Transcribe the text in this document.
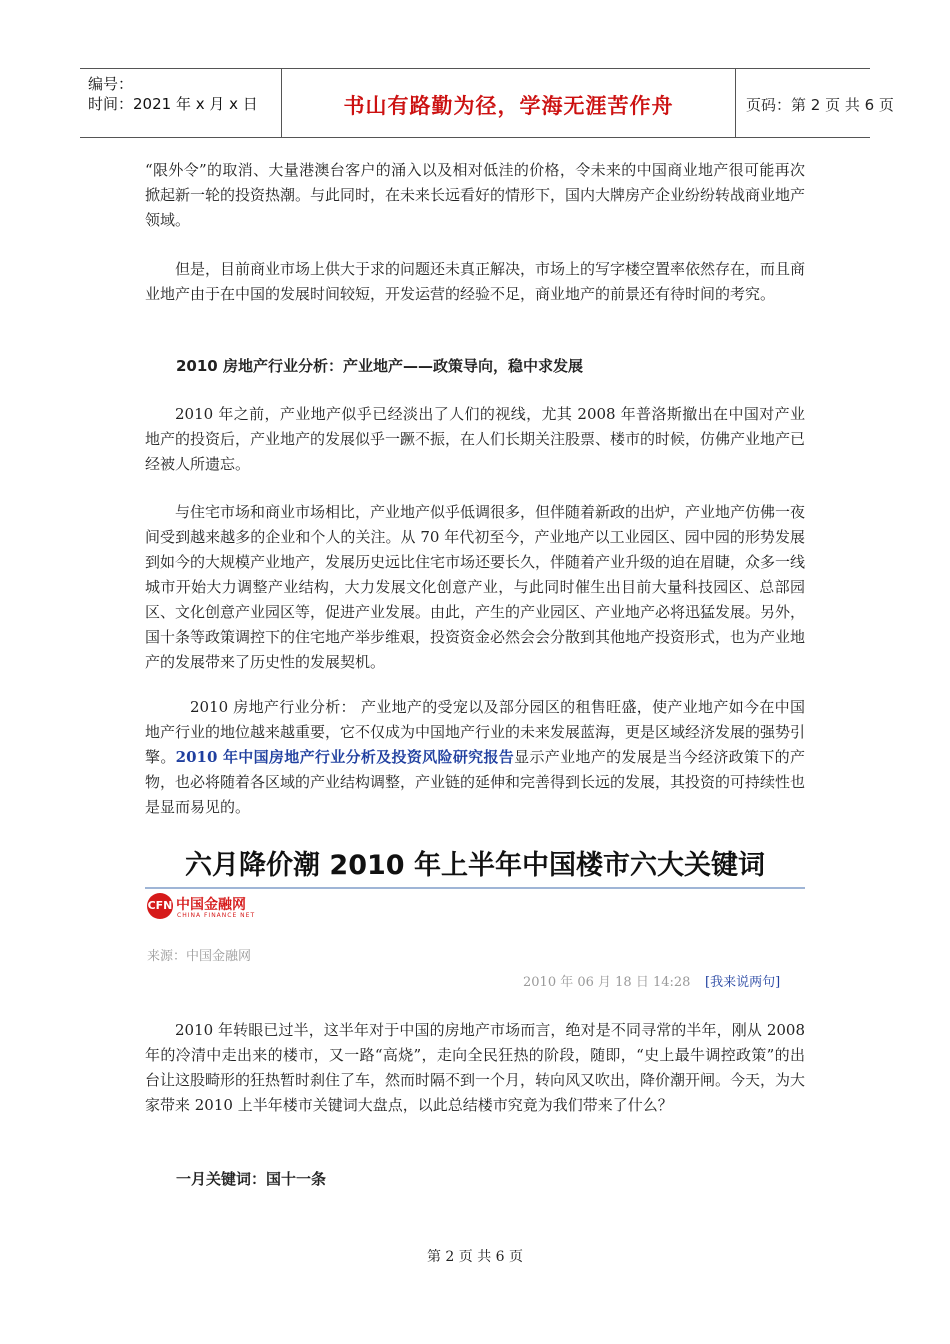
编号：
时间：2021 年 x 月 x 日	书山有路勤为径，学海无涯苦作舟	页码：第 2 页 共 6 页
“限外令”的取消、大量港澳台客户的涌入以及相对低洼的价格，令未来的中国商业地产很可能再次掀起新一轮的投资热潮。与此同时，在未来长远看好的情形下，国内大牌房产企业纷纷转战商业地产领域。
但是，目前商业市场上供大于求的问题还未真正解决，市场上的写字楼空置率依然存在，而且商业地产由于在中国的发展时间较短，开发运营的经验不足，商业地产的前景还有待时间的考究。
2010 房地产行业分析：产业地产——政策导向，稳中求发展
2010 年之前，产业地产似乎已经淡出了人们的视线，尤其 2008 年普洛斯撤出在中国对产业地产的投资后，产业地产的发展似乎一蹶不振，在人们长期关注股票、楼市的时候，仿佛产业地产已经被人所遗忘。
与住宅市场和商业市场相比，产业地产似乎低调很多，但伴随着新政的出炉，产业地产仿佛一夜间受到越来越多的企业和个人的关注。从 70 年代初至今，产业地产以工业园区、园中园的形势发展到如今的大规模产业地产，发展历史远比住宅市场还要长久，伴随着产业升级的迫在眉睫，众多一线城市开始大力调整产业结构，大力发展文化创意产业，与此同时催生出目前大量科技园区、总部园区、文化创意产业园区等，促进产业发展。由此，产生的产业园区、产业地产必将迅猛发展。另外，国十条等政策调控下的住宅地产举步维艰，投资资金必然会会分散到其他地产投资形式，也为产业地产的发展带来了历史性的发展契机。
2010 房地产行业分析： 产业地产的受宠以及部分园区的租售旺盛，使产业地产如今在中国地产行业的地位越来越重要，它不仅成为中国地产行业的未来发展蓝海，更是区域经济发展的强势引擎。2010 年中国房地产行业分析及投资风险研究报告显示产业地产的发展是当今经济政策下的产物，也必将随着各区域的产业结构调整，产业链的延伸和完善得到长远的发展，其投资的可持续性也是显而易见的。
六月降价潮 2010 年上半年中国楼市六大关键词
CFN 中国金融网
CHINA FINANCE NET
来源：中国金融网
2010 年 06 月 18 日 14:28 [我来说两句]
2010 年转眼已过半，这半年对于中国的房地产市场而言，绝对是不同寻常的半年，刚从 2008 年的冷清中走出来的楼市，又一路“高烧”，走向全民狂热的阶段，随即，“史上最牛调控政策”的出台让这股畸形的狂热暂时刹住了车，然而时隔不到一个月，转向风又吹出，降价潮开闸。今天，为大家带来 2010 上半年楼市关键词大盘点，以此总结楼市究竟为我们带来了什么？
一月关键词：国十一条
第 2 页 共 6 页
